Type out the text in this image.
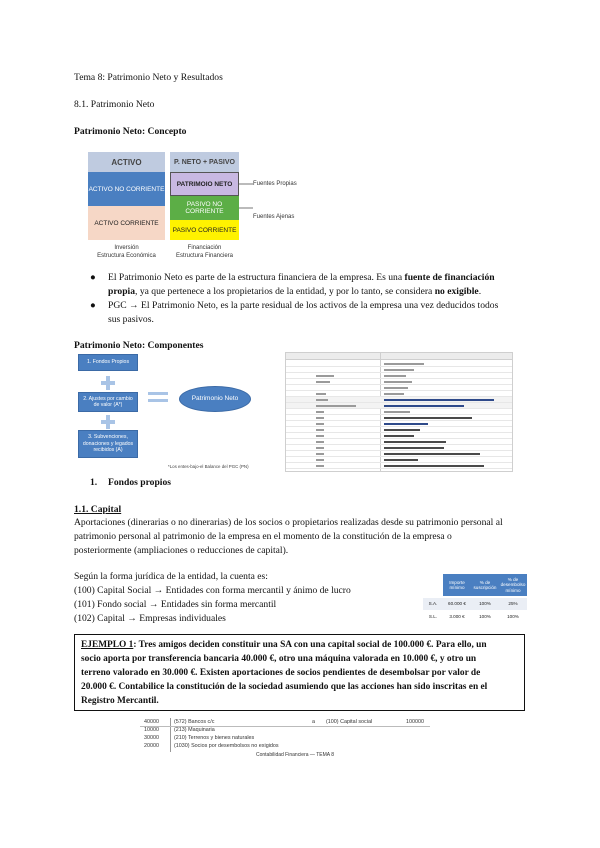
Tema 8: Patrimonio Neto y Resultados
8.1. Patrimonio Neto
Patrimonio Neto: Concepto
ACTIVO	P. NETO + PASIVO
ACTIVO NO CORRIENTE
ACTIVO CORRIENTE
PATRIMOIO NETO
PASIVO NO CORRIENTE
PASIVO CORRIENTE
Fuentes Propias
Fuentes Ajenas
Inversión
Estructura Económica
Financiación
Estructura Financiera
● El Patrimonio Neto es parte de la estructura financiera de la empresa. Es una fuente de financiación
propia, ya que pertenece a los propietarios de la entidad, y por lo tanto, se considera no exigible.
● PGC → El Patrimonio Neto, es la parte residual de los activos de la empresa una vez deducidos todos
sus pasivos.
Patrimonio Neto: Componentes
1. Fondos Propios
2. Ajustes por cambio de valor (A*)
3. Subvenciones, donaciones y legados recibidos (A)
Patrimonio Neto
*Los entes-bajo-el Balance del PGC (PN)
1. Fondos propios
1.1. Capital
Aportaciones (dinerarias o no dinerarias) de los socios o propietarios realizadas desde su patrimonio personal al
patrimonio personal al patrimonio de la empresa en el momento de la constitución de la empresa o
posteriormente (ampliaciones o reducciones de capital).
Según la forma jurídica de la entidad, la cuenta es:
(100) Capital Social → Entidades con forma mercantil y ánimo de lucro
(101) Fondo social → Entidades sin forma mercantil
(102) Capital → Empresas individuales
Importe mínimo
% de suscripción
% de desembolso mínimo
S.A.	60.000 €	100%	25%
S.L.	3.000 €	100%	100%
EJEMPLO 1: Tres amigos deciden constituir una SA con una capital social de 100.000 €. Para ello, un
socio aporta por transferencia bancaria 40.000 €, otro una máquina valorada en 10.000 €, y otro un
terreno valorado en 30.000 €. Existen aportaciones de socios pendientes de desembolsar por valor de
20.000 €. Contabilice la constitución de la sociedad asumiendo que las acciones han sido inscritas en el
Registro Mercantil.
40000	(572) Bancos c/c
10000	(213) Maquinaria
30000	(210) Terrenos y bienes naturales
20000	(1030) Socios por desembolsos no exigidos
a (100) Capital social	100000
Contabilidad Financiera — TEMA 8
